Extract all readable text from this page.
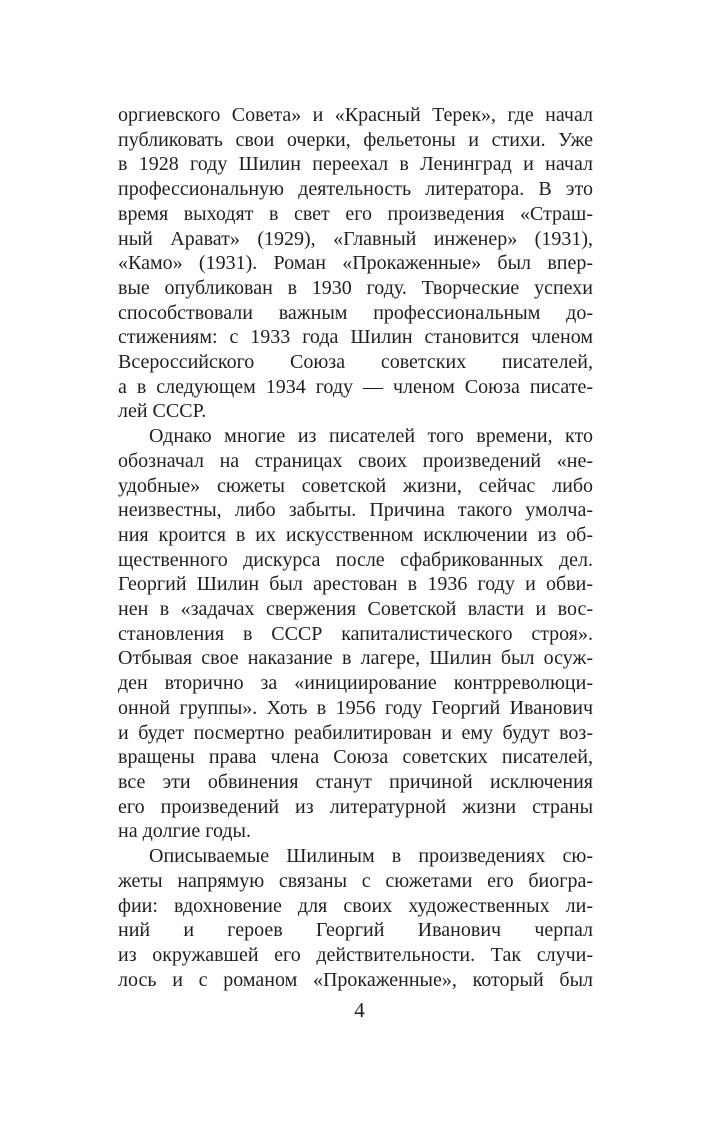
оргиевского Совета» и «Красный Терек», где начал
публиковать свои очерки, фельетоны и стихи. Уже
в 1928 году Шилин переехал в Ленинград и начал
профессиональную деятельность литератора. В это
время выходят в свет его произведения «Страш-
ный Арават» (1929), «Главный инженер» (1931),
«Камо» (1931). Роман «Прокаженные» был впер-
вые опубликован в 1930 году. Творческие успехи
способствовали важным профессиональным до-
стижениям: с 1933 года Шилин становится членом
Всероссийского Союза советских писателей,
а в следующем 1934 году — членом Союза писате-
лей СССР.
Однако многие из писателей того времени, кто
обозначал на страницах своих произведений «не-
удобные» сюжеты советской жизни, сейчас либо
неизвестны, либо забыты. Причина такого умолча-
ния кроится в их искусственном исключении из об-
щественного дискурса после сфабрикованных дел.
Георгий Шилин был арестован в 1936 году и обви-
нен в «задачах свержения Советской власти и вос-
становления в СССР капиталистического строя».
Отбывая свое наказание в лагере, Шилин был осуж-
ден вторично за «инициирование контрреволюци-
онной группы». Хоть в 1956 году Георгий Иванович
и будет посмертно реабилитирован и ему будут воз-
вращены права члена Союза советских писателей,
все эти обвинения станут причиной исключения
его произведений из литературной жизни страны
на долгие годы.
Описываемые Шилиным в произведениях сю-
жеты напрямую связаны с сюжетами его биогра-
фии: вдохновение для своих художественных ли-
ний и героев Георгий Иванович черпал
из окружавшей его действительности. Так случи-
лось и с романом «Прокаженные», который был
4
